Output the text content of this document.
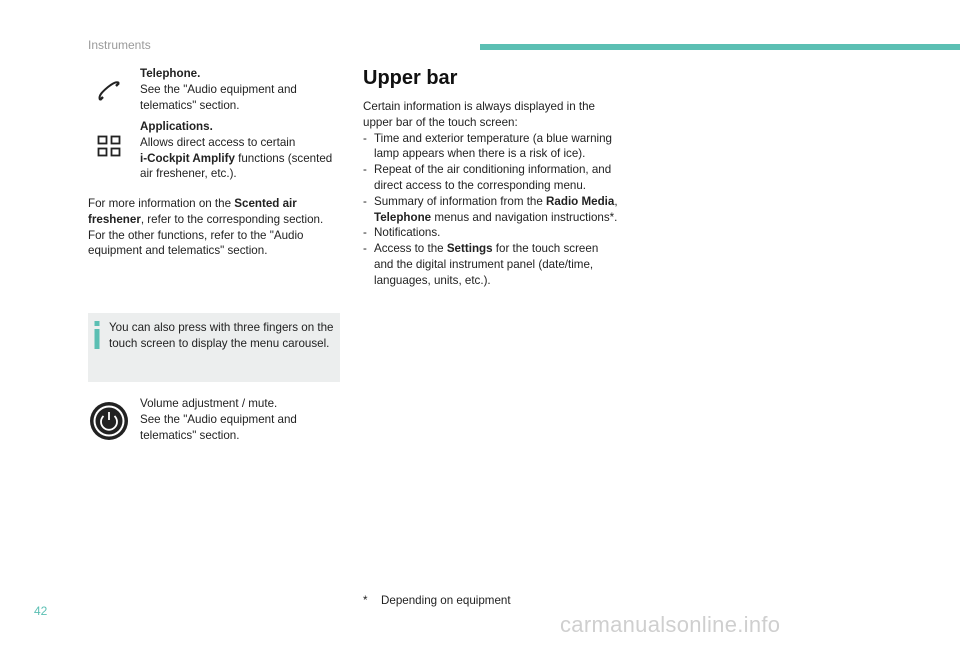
Instruments
Telephone.
See the "Audio equipment and telematics" section.
Applications.
Allows direct access to certain
i-Cockpit Amplify functions (scented air freshener, etc.).

For more information on the Scented air freshener, refer to the corresponding section. For the other functions, refer to the "Audio equipment and telematics" section.

You can also press with three fingers on the touch screen to display the menu carousel.
Volume adjustment / mute.
See the "Audio equipment and telematics" section.
Upper bar

Certain information is always displayed in the upper bar of the touch screen:

- Time and exterior temperature (a blue warning lamp appears when there is a risk of ice).
- Repeat of the air conditioning information, and direct access to the corresponding menu.
- Summary of information from the Radio Media, Telephone menus and navigation instructions*.
- Notifications.
- Access to the Settings for the touch screen and the digital instrument panel (date/time, languages, units, etc.).
* Depending on equipment
42
carmanualsonline.info
